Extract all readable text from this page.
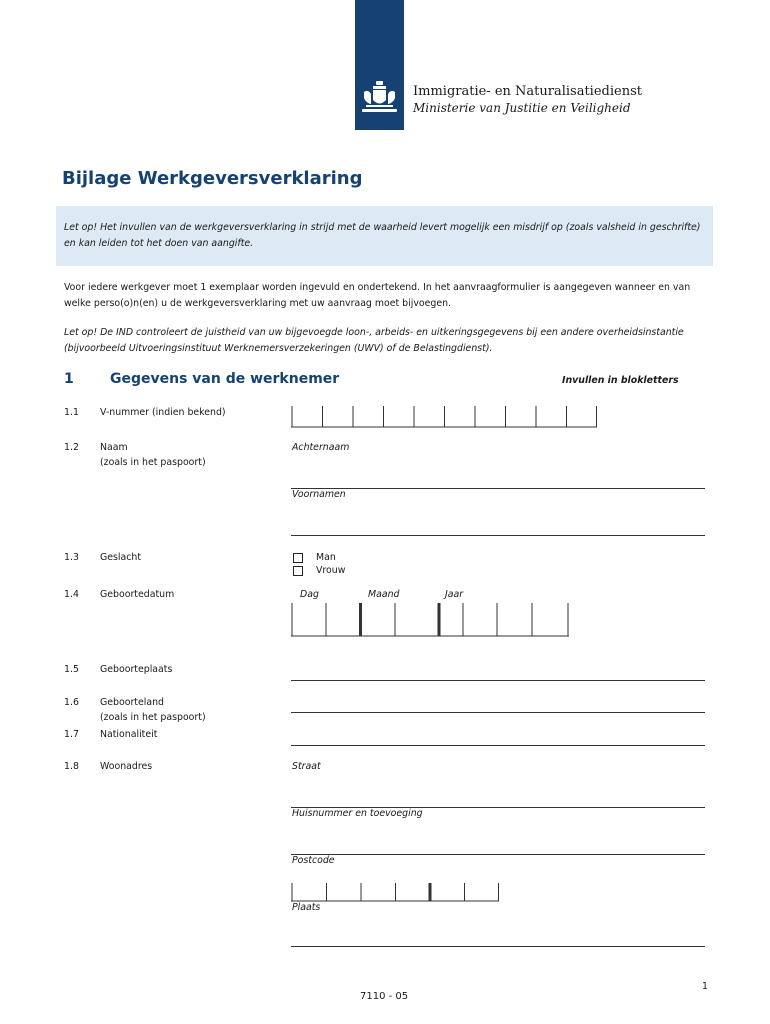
Immigratie- en Naturalisatiedienst
Ministerie van Justitie en Veiligheid
Bijlage Werkgeversverklaring
Let op! Het invullen van de werkgeversverklaring in strijd met de waarheid levert mogelijk een misdrijf op (zoals valsheid in geschrifte) en kan leiden tot het doen van aangifte.
Voor iedere werkgever moet 1 exemplaar worden ingevuld en ondertekend. In het aanvraagformulier is aangegeven wanneer en van welke perso(o)n(en) u de werkgeversverklaring met uw aanvraag moet bijvoegen.
Let op! De IND controleert de juistheid van uw bijgevoegde loon-, arbeids- en uitkeringsgegevens bij een andere overheidsinstantie (bijvoorbeeld Uitvoeringsinstituut Werknemersverzekeringen (UWV) of de Belastingdienst).
1	Gegevens van de werknemer	Invullen in blokletters
1.1 V-nummer (indien bekend)
1.2 Naam
(zoals in het paspoort)
Achternaam
Voornamen
1.3 Geslacht	Man
Vrouw
1.4 Geboortedatum	Dag	Maand	Jaar
1.5 Geboorteplaats
1.6 Geboorteland
(zoals in het paspoort)
1.7 Nationaliteit
1.8 Woonadres	Straat
Huisnummer en toevoeging
Postcode
Plaats
1
7110 - 05
